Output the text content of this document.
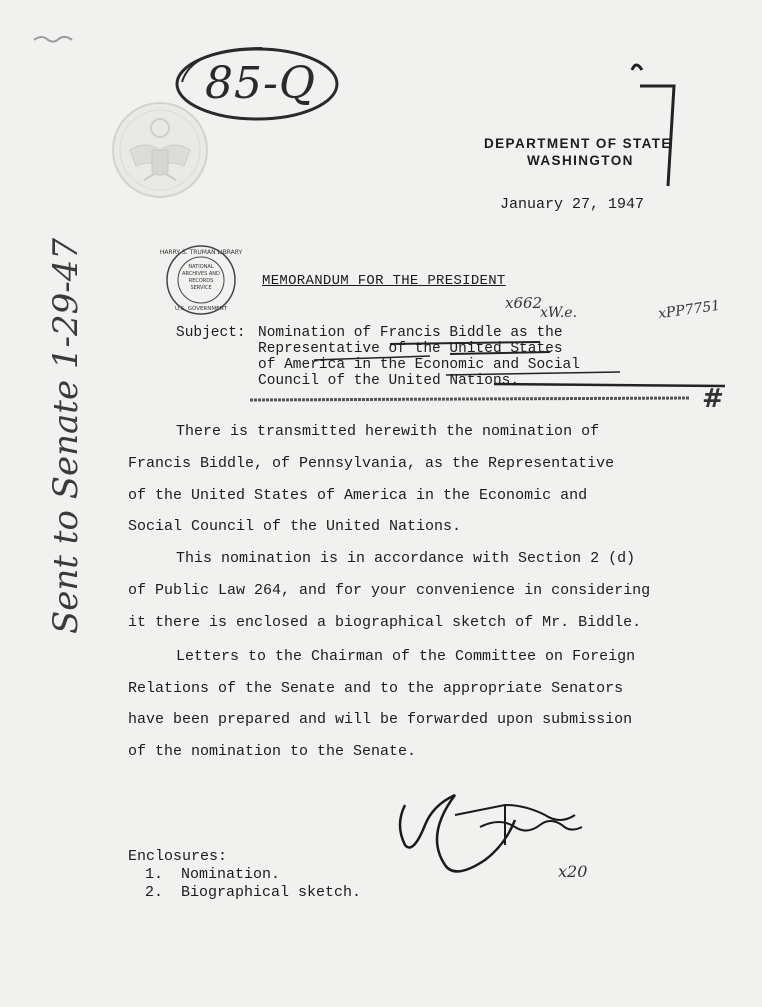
85-Q
DEPARTMENT OF STATE
WASHINGTON
January 27, 1947
HARRY S. TRUMAN LIBRARY
NATIONAL
ARCHIVES AND
RECORDS
SERVICE
U.S. GOVERNMENT
MEMORANDUM FOR THE PRESIDENT
x662
xW.e.	xPP7751
Subject: Nomination of Francis Biddle as the
Representative of the United States
of America in the Economic and Social
Council of the United Nations.
#
There is transmitted herewith the nomination of
Francis Biddle, of Pennsylvania, as the Representative
of the United States of America in the Economic and
Social Council of the United Nations.
This nomination is in accordance with Section 2 (d)
of Public Law 264, and for your convenience in considering
it there is enclosed a biographical sketch of Mr. Biddle.
Letters to the Chairman of the Committee on Foreign
Relations of the Senate and to the appropriate Senators
have been prepared and will be forwarded upon submission
of the nomination to the Senate.
Sent to Senate 1-29-47
x20
Enclosures:
1.  Nomination.
2.  Biographical sketch.
